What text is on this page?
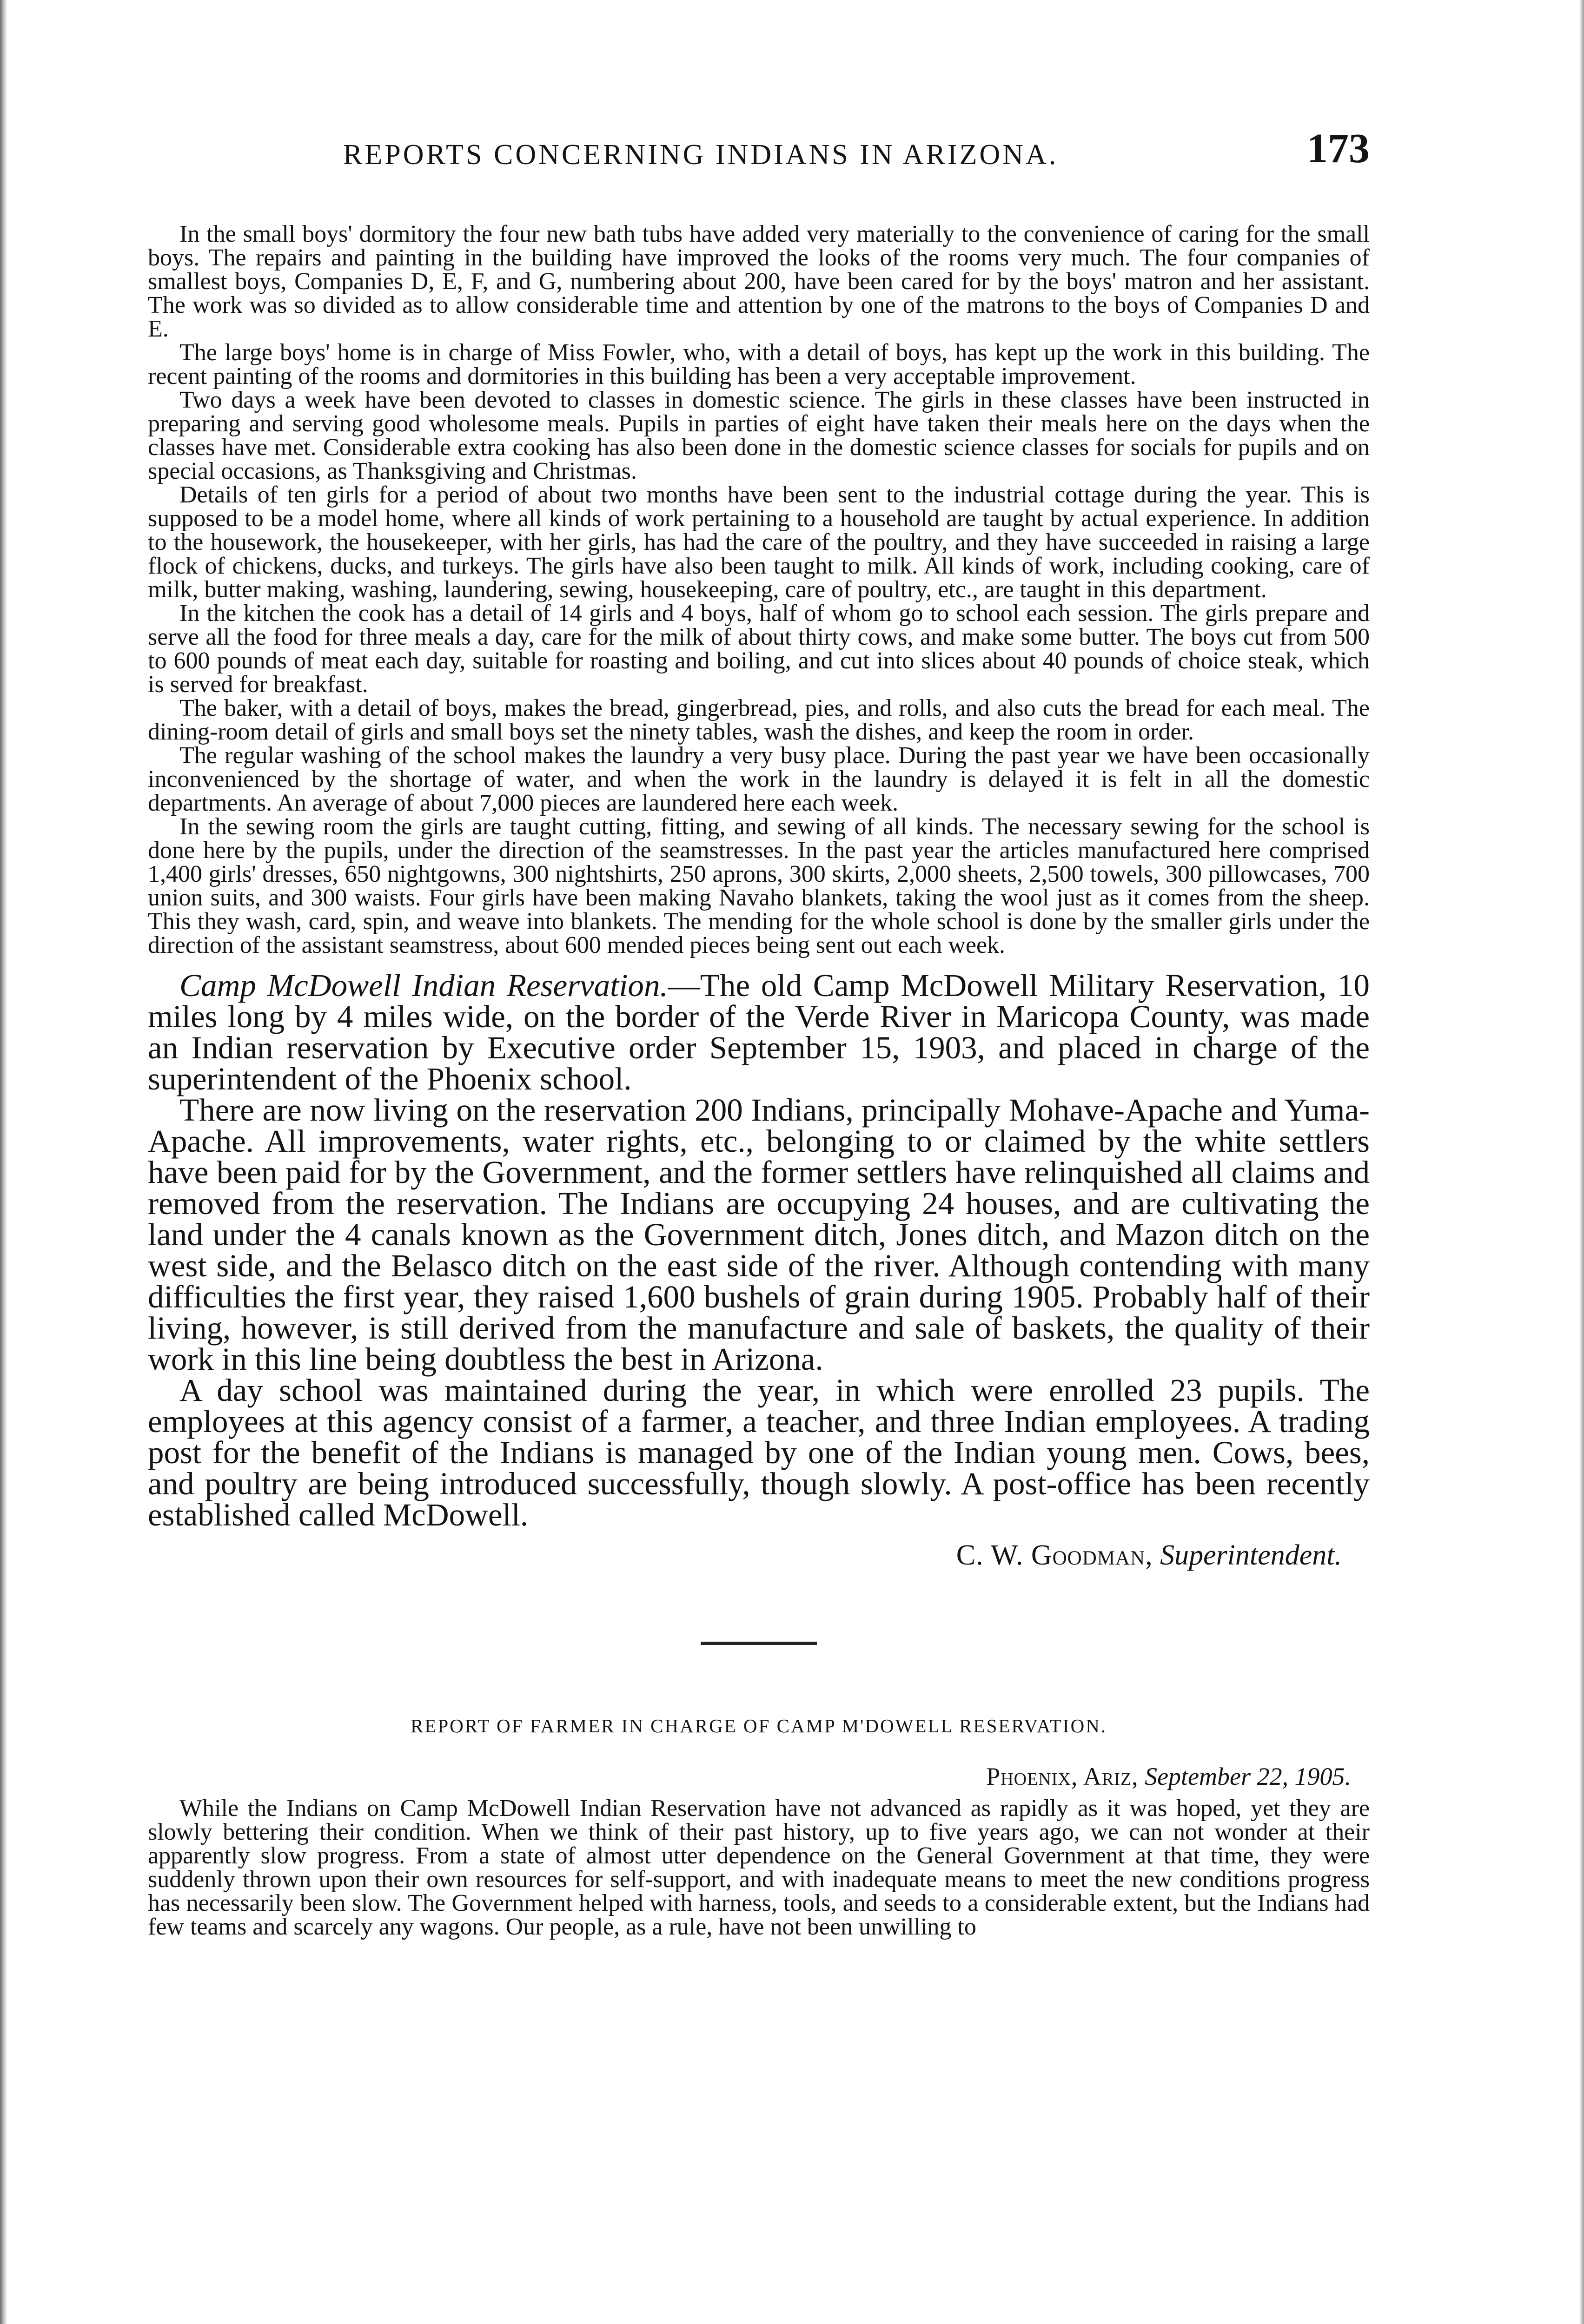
REPORTS CONCERNING INDIANS IN ARIZONA.	173

In the small boys' dormitory the four new bath tubs have added very materially to the convenience of caring for the small boys. The repairs and painting in the building have improved the looks of the rooms very much. The four companies of smallest boys, Companies D, E, F, and G, numbering about 200, have been cared for by the boys' matron and her assistant. The work was so divided as to allow considerable time and attention by one of the matrons to the boys of Companies D and E.

The large boys' home is in charge of Miss Fowler, who, with a detail of boys, has kept up the work in this building. The recent painting of the rooms and dormitories in this building has been a very acceptable improvement.

Two days a week have been devoted to classes in domestic science. The girls in these classes have been instructed in preparing and serving good wholesome meals. Pupils in parties of eight have taken their meals here on the days when the classes have met. Considerable extra cooking has also been done in the domestic science classes for socials for pupils and on special occasions, as Thanksgiving and Christmas.

Details of ten girls for a period of about two months have been sent to the industrial cottage during the year. This is supposed to be a model home, where all kinds of work pertaining to a household are taught by actual experience. In addition to the housework, the housekeeper, with her girls, has had the care of the poultry, and they have succeeded in raising a large flock of chickens, ducks, and turkeys. The girls have also been taught to milk. All kinds of work, including cooking, care of milk, butter making, washing, laundering, sewing, housekeeping, care of poultry, etc., are taught in this department.

In the kitchen the cook has a detail of 14 girls and 4 boys, half of whom go to school each session. The girls prepare and serve all the food for three meals a day, care for the milk of about thirty cows, and make some butter. The boys cut from 500 to 600 pounds of meat each day, suitable for roasting and boiling, and cut into slices about 40 pounds of choice steak, which is served for breakfast.

The baker, with a detail of boys, makes the bread, gingerbread, pies, and rolls, and also cuts the bread for each meal. The dining-room detail of girls and small boys set the ninety tables, wash the dishes, and keep the room in order.

The regular washing of the school makes the laundry a very busy place. During the past year we have been occasionally inconvenienced by the shortage of water, and when the work in the laundry is delayed it is felt in all the domestic departments. An average of about 7,000 pieces are laundered here each week.

In the sewing room the girls are taught cutting, fitting, and sewing of all kinds. The necessary sewing for the school is done here by the pupils, under the direction of the seamstresses. In the past year the articles manufactured here comprised 1,400 girls' dresses, 650 nightgowns, 300 nightshirts, 250 aprons, 300 skirts, 2,000 sheets, 2,500 towels, 300 pillowcases, 700 union suits, and 300 waists. Four girls have been making Navaho blankets, taking the wool just as it comes from the sheep. This they wash, card, spin, and weave into blankets. The mending for the whole school is done by the smaller girls under the direction of the assistant seamstress, about 600 mended pieces being sent out each week.

Camp McDowell Indian Reservation.—The old Camp McDowell Military Reservation, 10 miles long by 4 miles wide, on the border of the Verde River in Maricopa County, was made an Indian reservation by Executive order September 15, 1903, and placed in charge of the superintendent of the Phoenix school.

There are now living on the reservation 200 Indians, principally Mohave-Apache and Yuma-Apache. All improvements, water rights, etc., belonging to or claimed by the white settlers have been paid for by the Government, and the former settlers have relinquished all claims and removed from the reservation. The Indians are occupying 24 houses, and are cultivating the land under the 4 canals known as the Government ditch, Jones ditch, and Mazon ditch on the west side, and the Belasco ditch on the east side of the river. Although contending with many difficulties the first year, they raised 1,600 bushels of grain during 1905. Probably half of their living, however, is still derived from the manufacture and sale of baskets, the quality of their work in this line being doubtless the best in Arizona.

A day school was maintained during the year, in which were enrolled 23 pupils. The employees at this agency consist of a farmer, a teacher, and three Indian employees. A trading post for the benefit of the Indians is managed by one of the Indian young men. Cows, bees, and poultry are being introduced successfully, though slowly. A post-office has been recently established called McDowell.

C. W. Goodman, Superintendent.
REPORT OF FARMER IN CHARGE OF CAMP M'DOWELL RESERVATION.
Phoenix, Ariz, September 22, 1905.

While the Indians on Camp McDowell Indian Reservation have not advanced as rapidly as it was hoped, yet they are slowly bettering their condition. When we think of their past history, up to five years ago, we can not wonder at their apparently slow progress. From a state of almost utter dependence on the General Government at that time, they were suddenly thrown upon their own resources for self-support, and with inadequate means to meet the new conditions progress has necessarily been slow. The Government helped with harness, tools, and seeds to a considerable extent, but the Indians had few teams and scarcely any wagons. Our people, as a rule, have not been unwilling to
